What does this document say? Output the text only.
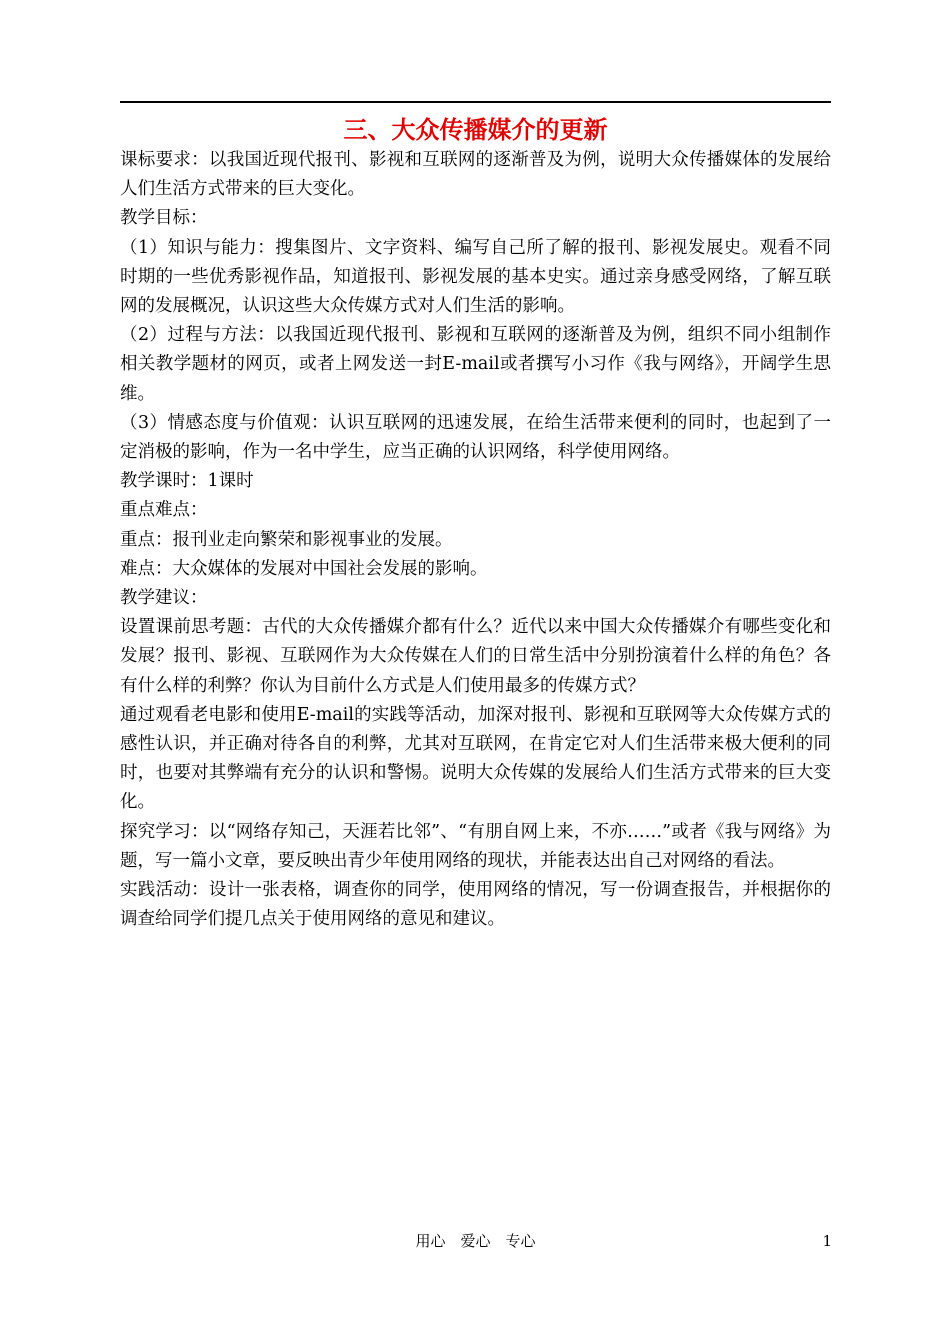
三、大众传播媒介的更新

课标要求：以我国近现代报刊、影视和互联网的逐渐普及为例，说明大众传播媒体的发展给人们生活方式带来的巨大变化。

教学目标：

（1）知识与能力：搜集图片、文字资料、编写自己所了解的报刊、影视发展史。观看不同时期的一些优秀影视作品，知道报刊、影视发展的基本史实。通过亲身感受网络，了解互联网的发展概况，认识这些大众传媒方式对人们生活的影响。

（2）过程与方法：以我国近现代报刊、影视和互联网的逐渐普及为例，组织不同小组制作相关教学题材的网页，或者上网发送一封E-mail或者撰写小习作《我与网络》，开阔学生思维。

（3）情感态度与价值观：认识互联网的迅速发展，在给生活带来便利的同时，也起到了一定消极的影响，作为一名中学生，应当正确的认识网络，科学使用网络。

教学课时：1课时

重点难点：

重点：报刊业走向繁荣和影视事业的发展。

难点：大众媒体的发展对中国社会发展的影响。

教学建议：

设置课前思考题：古代的大众传播媒介都有什么？近代以来中国大众传播媒介有哪些变化和发展？报刊、影视、互联网作为大众传媒在人们的日常生活中分别扮演着什么样的角色？各有什么样的利弊？你认为目前什么方式是人们使用最多的传媒方式？

通过观看老电影和使用E-mail的实践等活动，加深对报刊、影视和互联网等大众传媒方式的感性认识，并正确对待各自的利弊，尤其对互联网，在肯定它对人们生活带来极大便利的同时，也要对其弊端有充分的认识和警惕。说明大众传媒的发展给人们生活方式带来的巨大变化。

探究学习：以“网络存知己，天涯若比邻”、“有朋自网上来，不亦……”或者《我与网络》为题，写一篇小文章，要反映出青少年使用网络的现状，并能表达出自己对网络的看法。

实践活动：设计一张表格，调查你的同学，使用网络的情况，写一份调查报告，并根据你的调查给同学们提几点关于使用网络的意见和建议。

用心　爱心　专心	1
